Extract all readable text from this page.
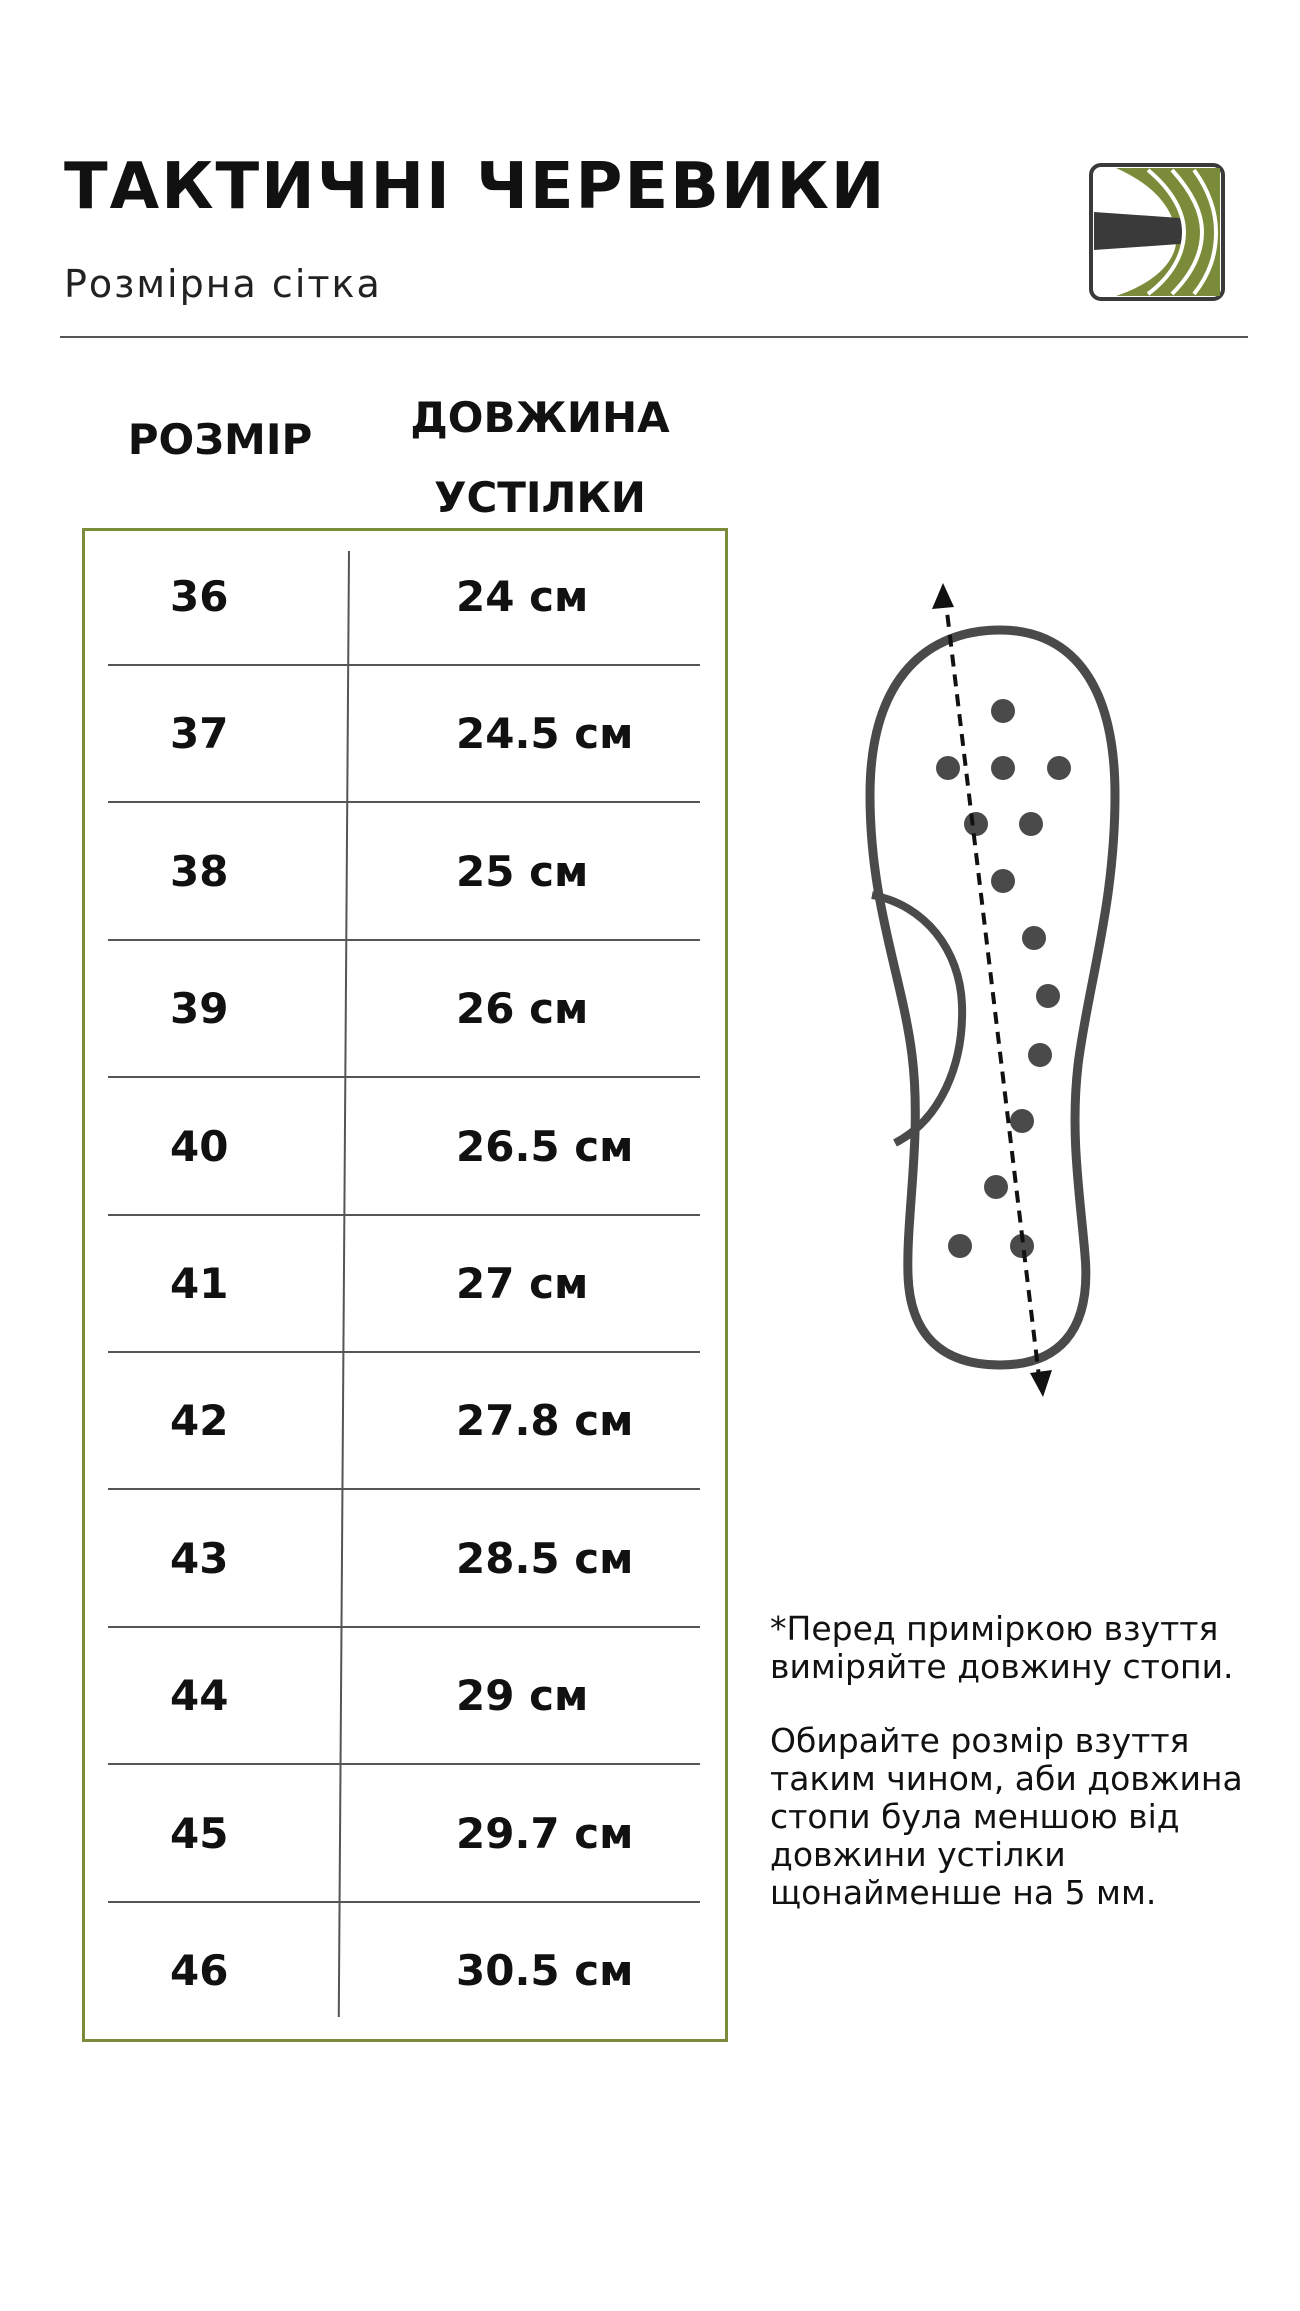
ТАКТИЧНІ ЧЕРЕВИКИ
Розмірна сітка
РОЗМІР	ДОВЖИНА
УСТІЛКИ
36	24 см
37	24.5 см
38	25 см
39	26 см
40	26.5 см
41	27 см
42	27.8 см
43	28.5 см
44	29 см
45	29.7 см
46	30.5 см

*Перед приміркою взуття

виміряйте довжину стопи.

Обирайте розмір взуття

таким чином, аби довжина

стопи була меншою від

довжини устілки

щонайменше на 5 мм.
